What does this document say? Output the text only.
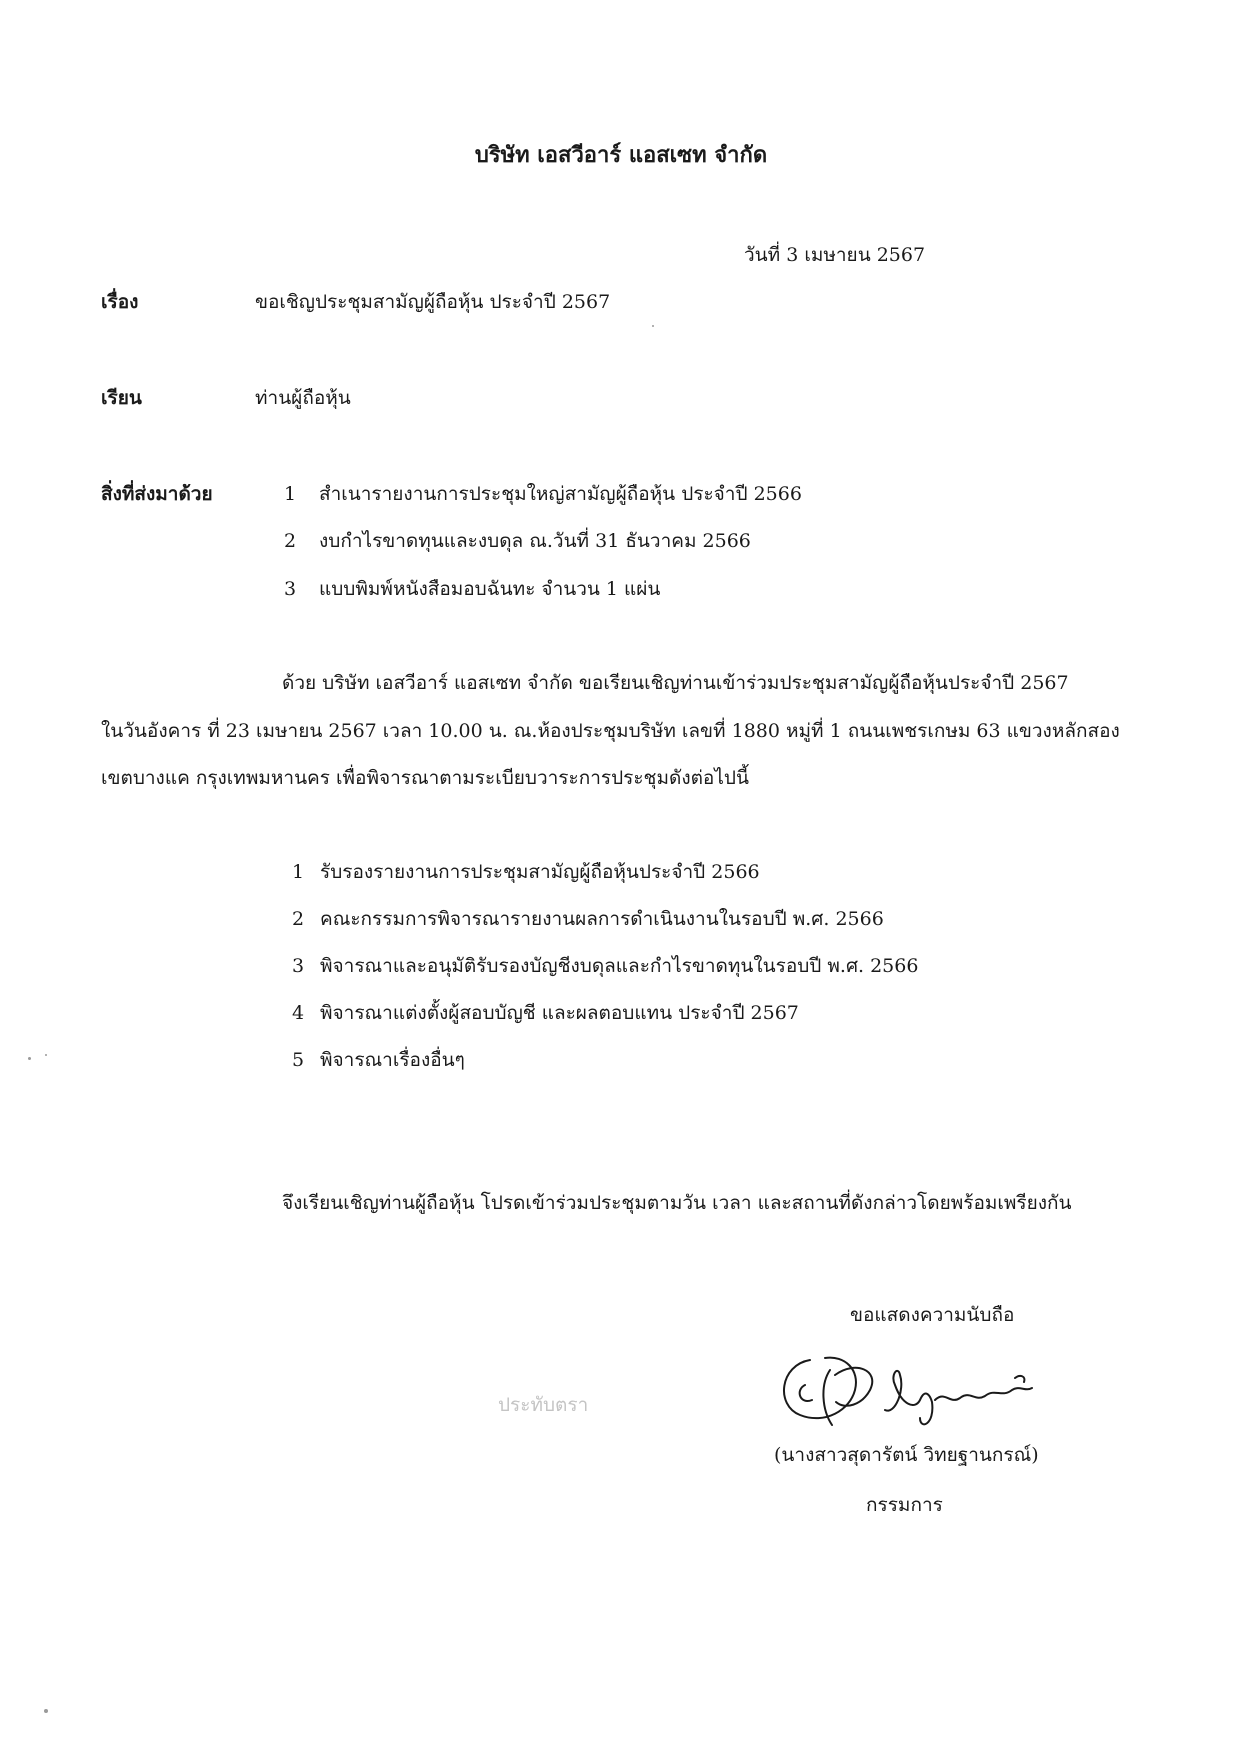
บริษัท เอสวีอาร์ แอสเซท จำกัด
วันที่ 3 เมษายน 2567
เรื่อง	ขอเชิญประชุมสามัญผู้ถือหุ้น ประจำปี 2567
เรียน	ท่านผู้ถือหุ้น
สิ่งที่ส่งมาด้วย	1 สำเนารายงานการประชุมใหญ่สามัญผู้ถือหุ้น ประจำปี 2566
2 งบกำไรขาดทุนและงบดุล ณ.วันที่ 31 ธันวาคม 2566
3 แบบพิมพ์หนังสือมอบฉันทะ จำนวน 1 แผ่น
ด้วย บริษัท เอสวีอาร์ แอสเซท จำกัด ขอเรียนเชิญท่านเข้าร่วมประชุมสามัญผู้ถือหุ้นประจำปี 2567
ในวันอังคาร ที่ 23 เมษายน 2567 เวลา 10.00 น. ณ.ห้องประชุมบริษัท เลขที่ 1880 หมู่ที่ 1 ถนนเพชรเกษม 63 แขวงหลักสอง
เขตบางแค กรุงเทพมหานคร เพื่อพิจารณาตามระเบียบวาระการประชุมดังต่อไปนี้
1 รับรองรายงานการประชุมสามัญผู้ถือหุ้นประจำปี 2566
2 คณะกรรมการพิจารณารายงานผลการดำเนินงานในรอบปี พ.ศ. 2566
3 พิจารณาและอนุมัติรับรองบัญชีงบดุลและกำไรขาดทุนในรอบปี พ.ศ. 2566
4 พิจารณาแต่งตั้งผู้สอบบัญชี และผลตอบแทน ประจำปี 2567
5 พิจารณาเรื่องอื่นๆ
จึงเรียนเชิญท่านผู้ถือหุ้น โปรดเข้าร่วมประชุมตามวัน เวลา และสถานที่ดังกล่าวโดยพร้อมเพรียงกัน
ขอแสดงความนับถือ
ประทับตรา
(นางสาวสุดารัตน์ วิทยฐานกรณ์)
กรรมการ
